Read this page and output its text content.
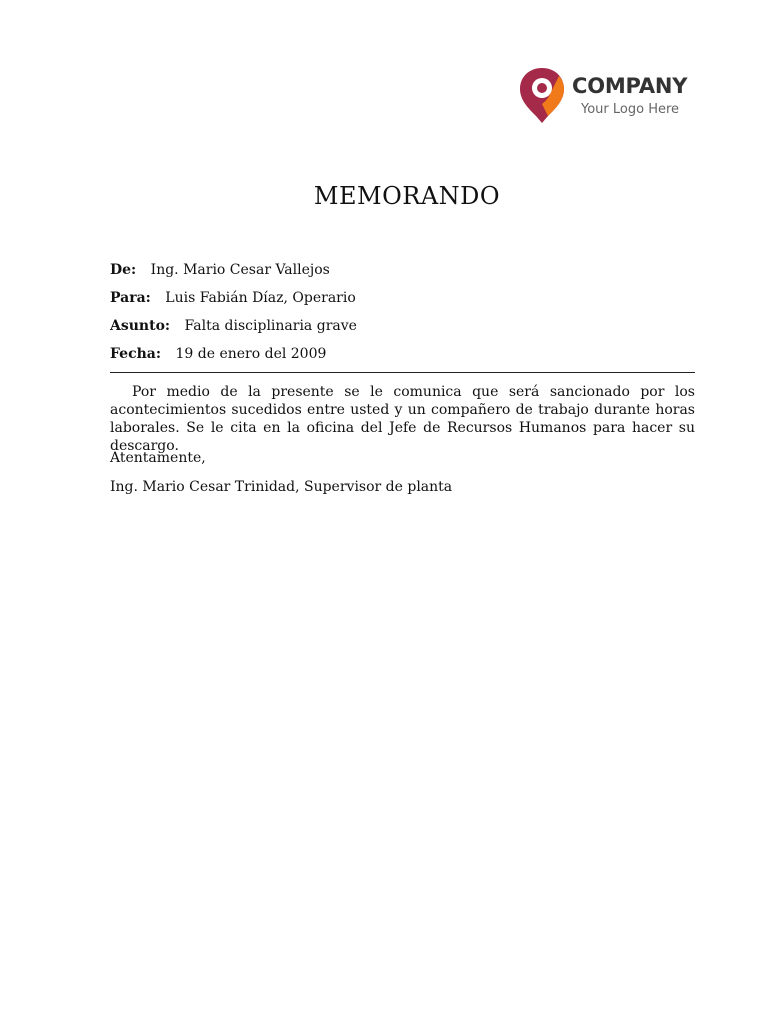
COMPANY
Your Logo Here
MEMORANDO
De: Ing. Mario Cesar Vallejos
Para: Luis Fabián Díaz, Operario
Asunto: Falta disciplinaria grave
Fecha: 19 de enero del 2009

Por medio de la presente se le comunica que será sancionado por los acontecimientos sucedidos entre usted y un compañero de trabajo durante horas laborales. Se le cita en la oficina del Jefe de Recursos Humanos para hacer su descargo.

Atentamente,

Ing. Mario Cesar Trinidad, Supervisor de planta
